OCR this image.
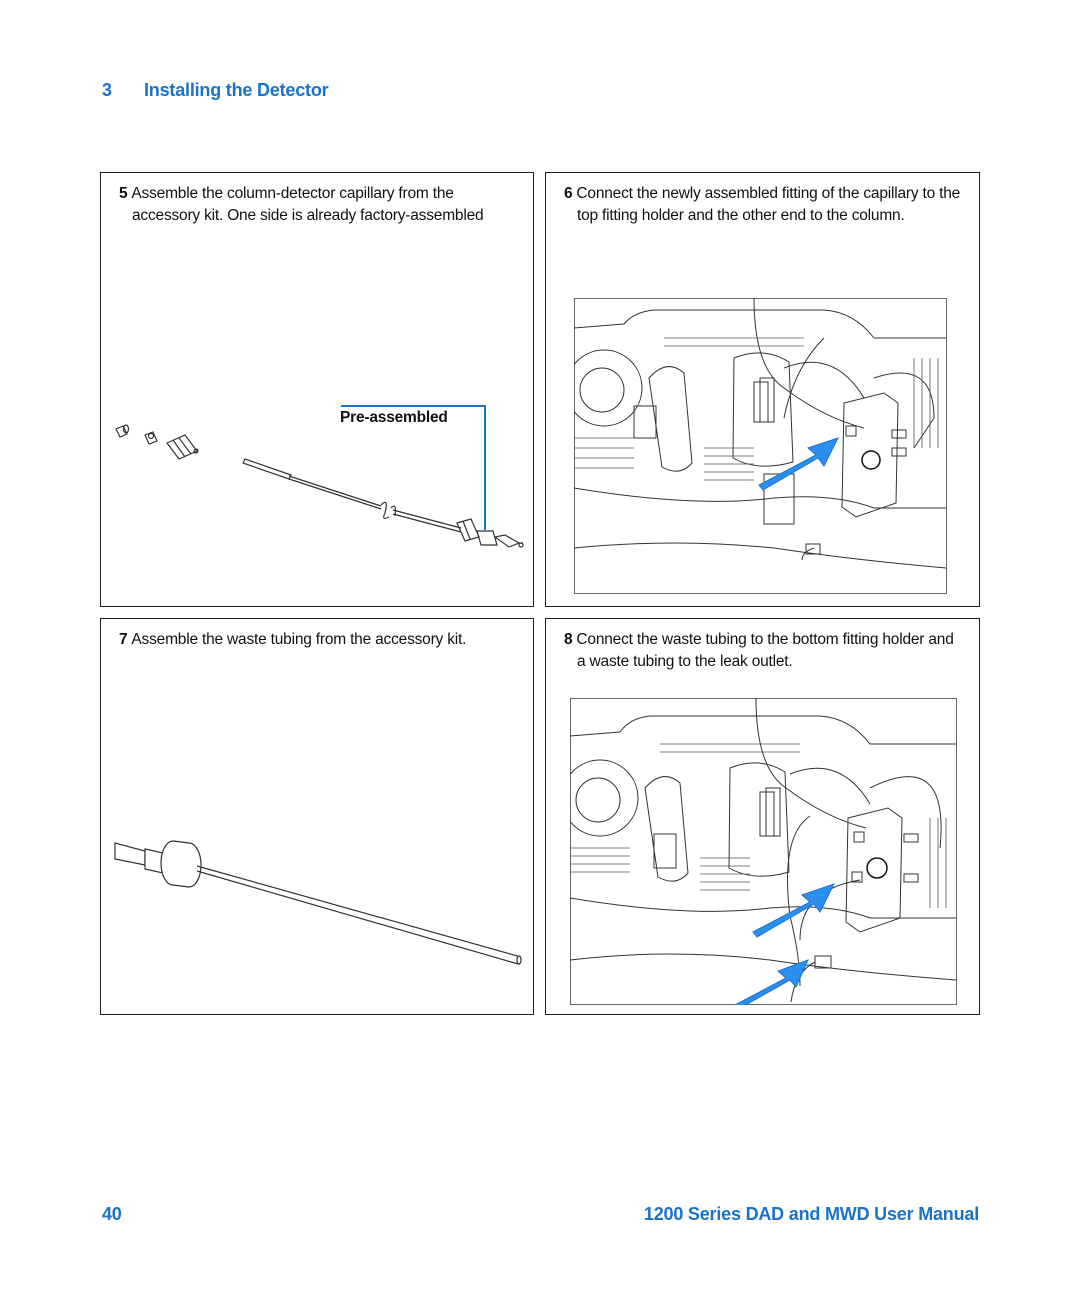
3 Installing the Detector
5 Assemble the column-detector capillary from the
accessory kit. One side is already factory-assembled
Pre-assembled
6 Connect the newly assembled fitting of the capillary to the
top fitting holder and the other end to the column.
7 Assemble the waste tubing from the accessory kit.	8 Connect the waste tubing to the bottom fitting holder and
a waste tubing to the leak outlet.
40	1200 Series DAD and MWD User Manual
